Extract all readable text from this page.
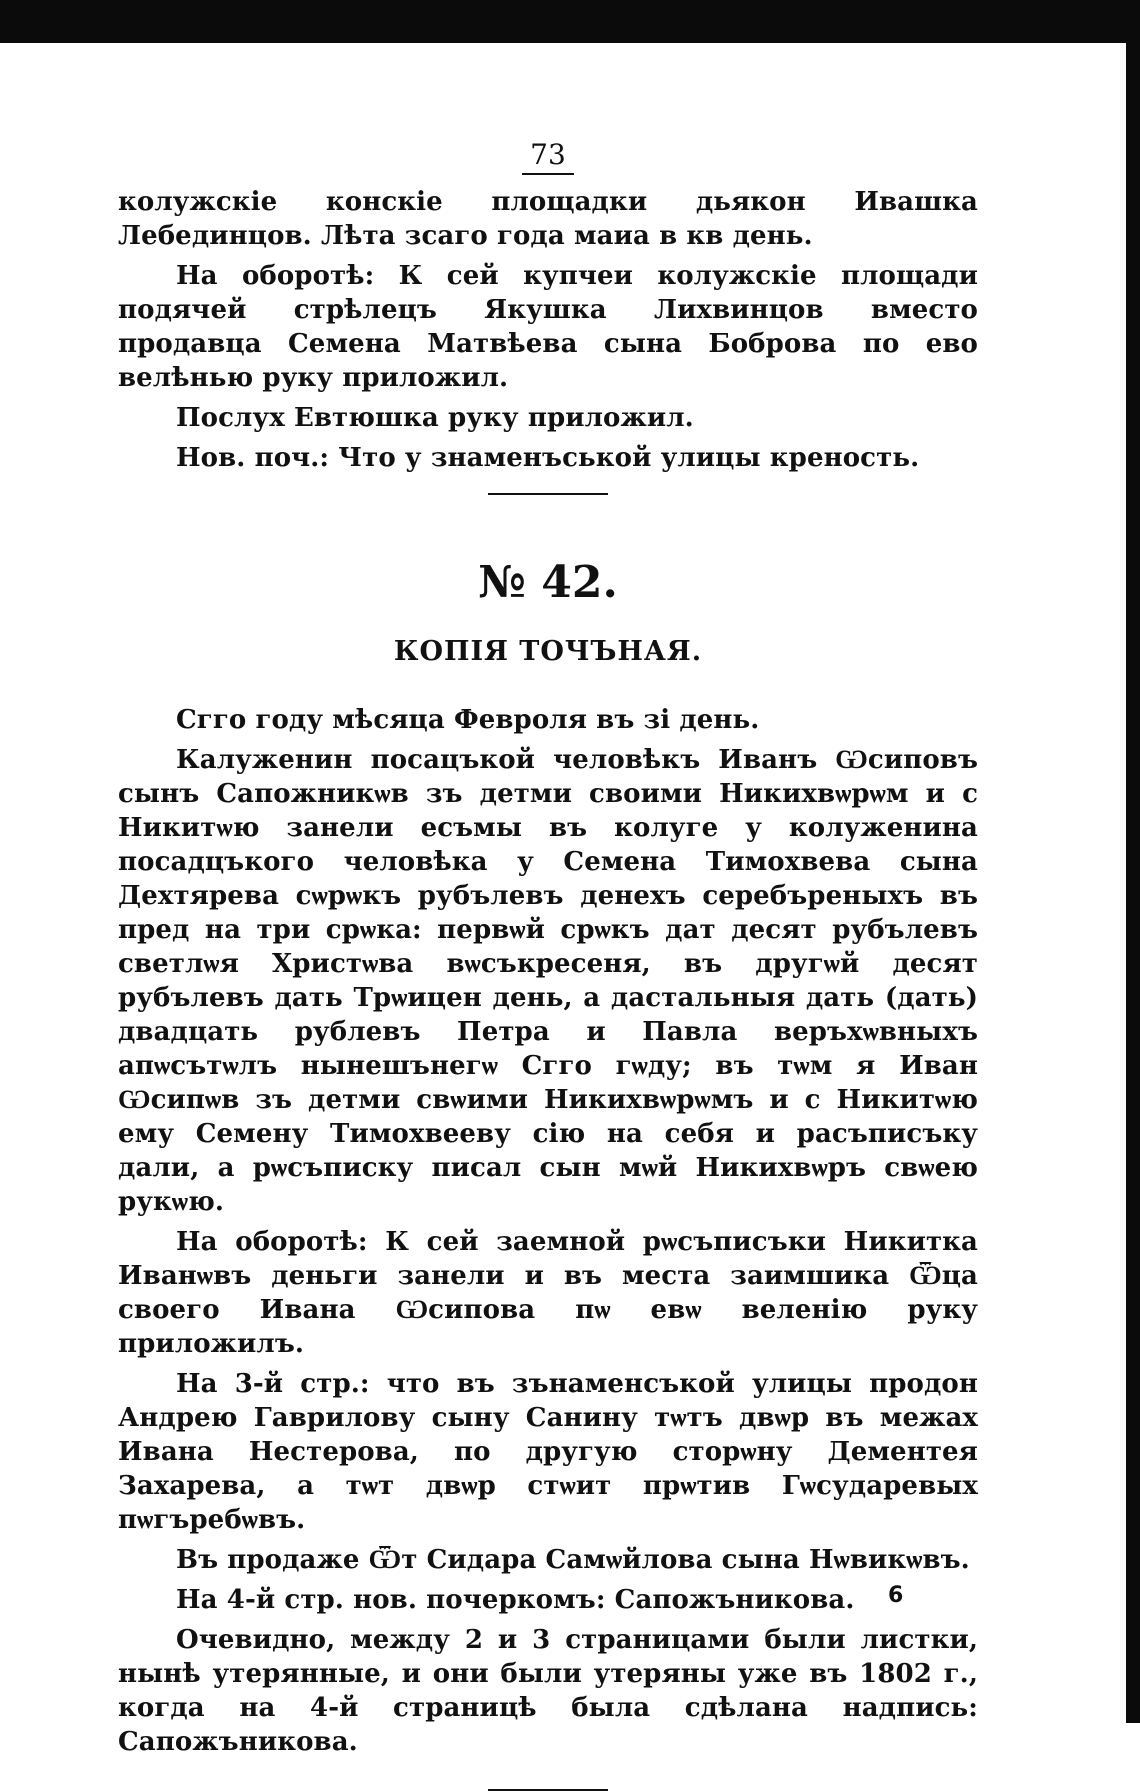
73

колужскіе конскіе площадки дьякон Ивашка Лебединцов. Лѣта зсаго года маиа в кв день.

На оборотѣ: К сей купчеи колужскіе площади подячей стрѣлецъ Якушка Лихвинцов вместо продавца Семена Матвѣева сына Боброва по ево велѣнью руку приложил.

Послух Евтюшка руку приложил.

Нов. поч.: Что у знаменъськой улицы креность.

№ 42.
КОПІЯ ТОЧЪНАЯ.

Сгго году мѣсяца Февроля въ зі день.

Калуженин посацъкой человѣкъ Иванъ Ѡсиповъ сынъ Сапожникѡв зъ детми своими Никихвѡрѡм и с Никитѡю занели есъмы въ колуге у колуженина посадцъкого человѣка у Семена Тимохвева сына Дехтярева сѡрѡкъ рубълевъ денехъ серебъреныхъ въ пред на три срѡка: первѡй срѡкъ дат десят рубълевъ светлѡя Христѡва вѡсъкресеня, въ другѡй десят рубълевъ дать Трѡицен день, а дастальныя дать (дать) двадцать рублевъ Петра и Павла веръхѡвныхъ апѡсътѡлъ нынешънегѡ Сгго гѡду; въ тѡм я Иван Ѡсипѡв зъ детми свѡими Никихвѡрѡмъ и с Никитѡю ему Семену Тимохвееву сію на себя и расъписъку дали, а рѡсъписку писал сын мѡй Никихвѡръ свѡею рукѡю.

На оборотѣ: К сей заемной рѡсъписъки Никитка Иванѡвъ деньги занели и въ места заимшика Ѿца своего Ивана Ѡсипова пѡ евѡ веленію руку приложилъ.

На 3-й стр.: что въ зънаменсъкой улицы продон Андрею Гаврилову сыну Санину тѡтъ двѡр въ межах Ивана Нестерова, по другую сторѡну Дементея Захарева, а тѡт двѡр стѡит прѡтив Гѡсударевых пѡгъребѡвъ.

Въ продаже Ѿт Сидара Самѡйлова сына Нѡвикѡвъ.

На 4-й стр. нов. почеркомъ: Сапожъникова.

Очевидно, между 2 и 3 страницами были листки, нынѣ утерянные, и они были утеряны уже въ 1802 г., когда на 4-й страницѣ была сдѣлана надпись: Сапожъникова.

6
